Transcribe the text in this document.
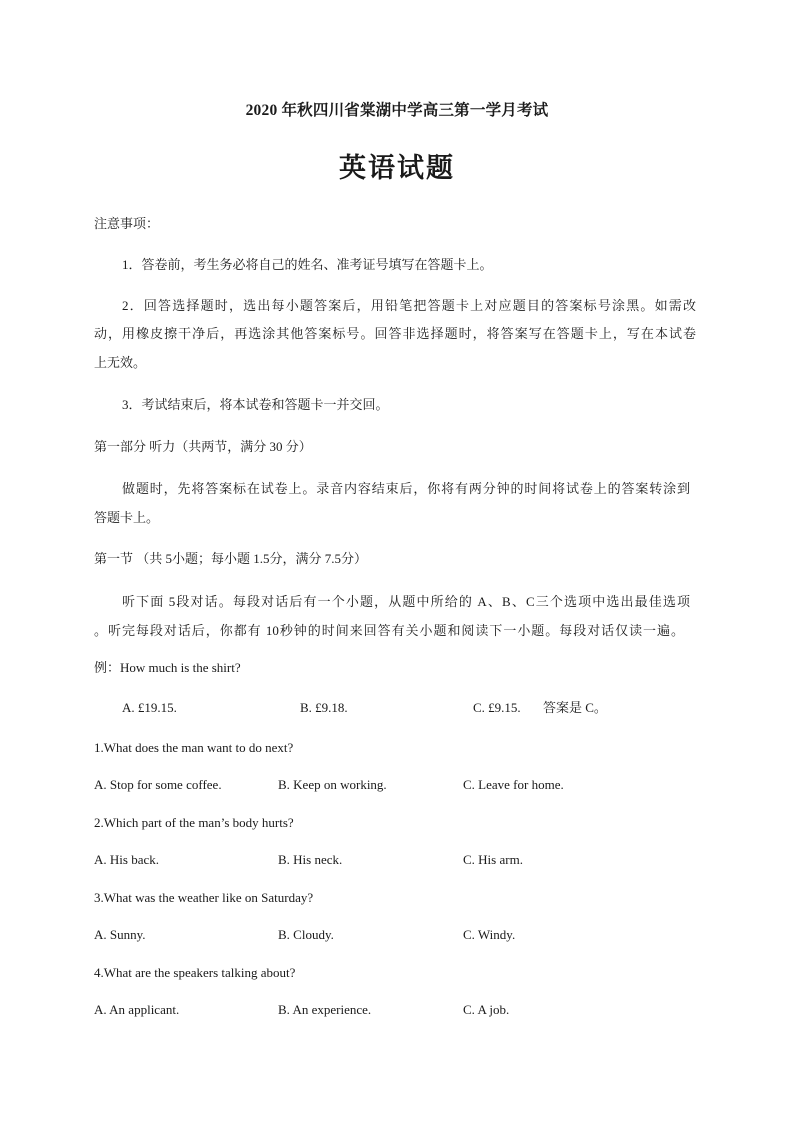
2020 年秋四川省棠湖中学高三第一学月考试
英语试题
注意事项：
1．答卷前，考生务必将自己的姓名、准考证号填写在答题卡上。
2．回答选择题时，选出每小题答案后，用铅笔把答题卡上对应题目的答案标号涂黑。如需改
动，用橡皮擦干净后，再选涂其他答案标号。回答非选择题时，将答案写在答题卡上，写在本试卷
上无效。
3．考试结束后，将本试卷和答题卡一并交回。
第一部分 听力（共两节，满分 30 分）
做题时，先将答案标在试卷上。录音内容结束后，你将有两分钟的时间将试卷上的答案转涂到
答题卡上。
第一节 （共 5小题；每小题 1.5分，满分 7.5分）
听下面 5段对话。每段对话后有一个小题，从题中所给的 A、B、C三个选项中选出最佳选项
。听完每段对话后，你都有 10秒钟的时间来回答有关小题和阅读下一小题。每段对话仅读一遍。
例：How much is the shirt?
A. £19.15.	B. £9.18.	C. £9.15. 答案是 C。
1.What does the man want to do next?
A. Stop for some coffee.	B. Keep on working.	C. Leave for home.
2.Which part of the man’s body hurts?
A. His back.	B. His neck.	C. His arm.
3.What was the weather like on Saturday?
A. Sunny.	B. Cloudy.	C. Windy.
4.What are the speakers talking about?
A. An applicant.	B. An experience.	C. A job.
